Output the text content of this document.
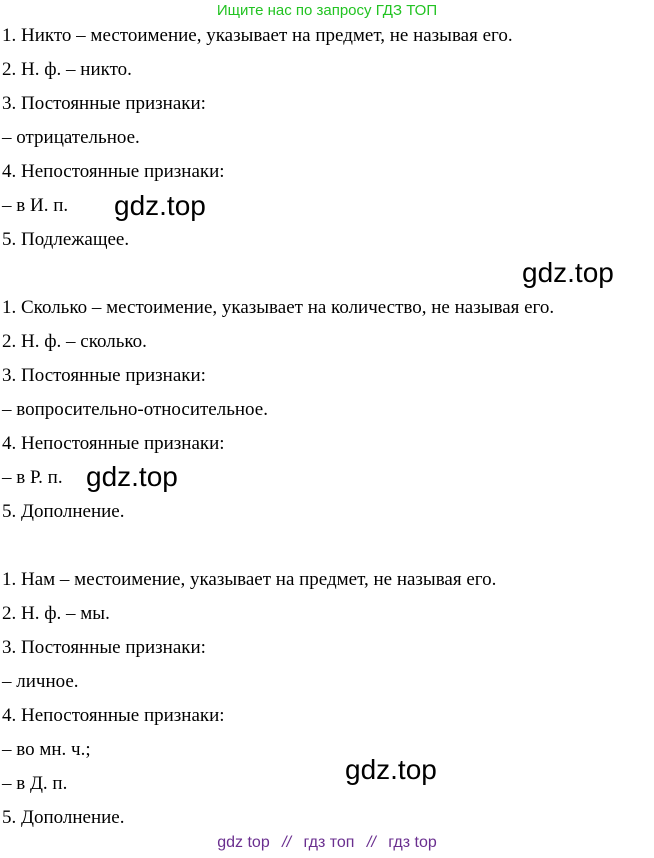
Ищите нас по запросу ГДЗ ТОП
1. Никто – местоимение, указывает на предмет, не называя его.
2. Н. ф. – никто.
3. Постоянные признаки:
– отрицательное.
4. Непостоянные признаки:
– в И. п.
5. Подлежащее.
1. Сколько – местоимение, указывает на количество, не называя его.
2. Н. ф. – сколько.
3. Постоянные признаки:
– вопросительно-относительное.
4. Непостоянные признаки:
– в Р. п.
5. Дополнение.
1. Нам – местоимение, указывает на предмет, не называя его.
2. Н. ф. – мы.
3. Постоянные признаки:
– личное.
4. Непостоянные признаки:
– во мн. ч.;
– в Д. п.
5. Дополнение.
gdz.top
gdz.top
gdz.top
gdz.top
gdz top // гдз топ // гдз top
